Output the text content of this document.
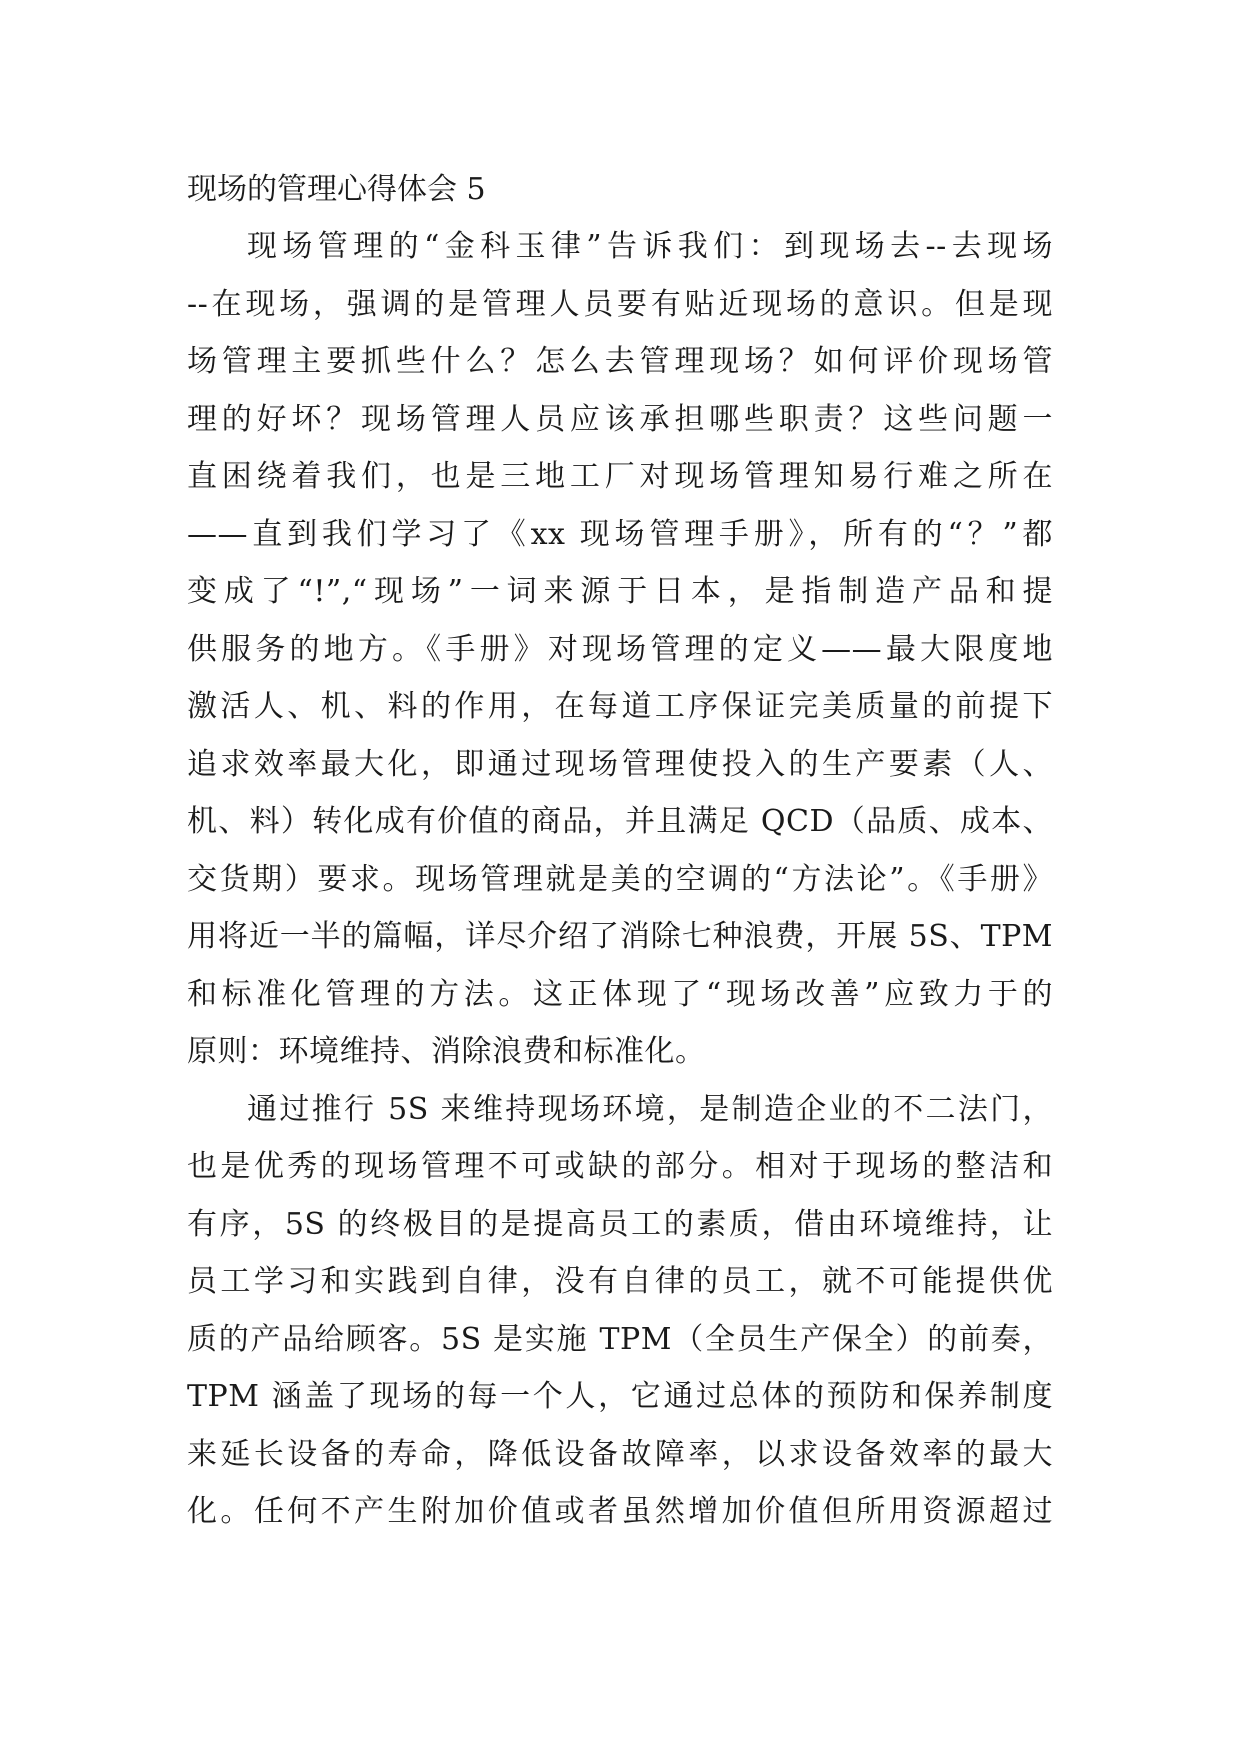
现场的管理心得体会 5

现场管理的“金科玉律”告诉我们：到现场去--去现场
--在现场，强调的是管理人员要有贴近现场的意识。但是现
场管理主要抓些什么？怎么去管理现场？如何评价现场管
理的好坏？现场管理人员应该承担哪些职责？这些问题一
直困绕着我们，也是三地工厂对现场管理知易行难之所在
——直到我们学习了《xx 现场管理手册》，所有的“？”都
变成了“!”,“现场”一词来源于日本，是指制造产品和提
供服务的地方。《手册》对现场管理的定义——最大限度地
激活人、机、料的作用，在每道工序保证完美质量的前提下
追求效率最大化，即通过现场管理使投入的生产要素（人、
机、料）转化成有价值的商品，并且满足 QCD（品质、成本、
交货期）要求。现场管理就是美的空调的“方法论”。《手册》
用将近一半的篇幅，详尽介绍了消除七种浪费，开展 5S、TPM
和标准化管理的方法。这正体现了“现场改善”应致力于的
原则：环境维持、消除浪费和标准化。

通过推行 5S 来维持现场环境，是制造企业的不二法门，
也是优秀的现场管理不可或缺的部分。相对于现场的整洁和
有序，5S 的终极目的是提高员工的素质，借由环境维持，让
员工学习和实践到自律，没有自律的员工，就不可能提供优
质的产品给顾客。5S 是实施 TPM（全员生产保全）的前奏，
TPM 涵盖了现场的每一个人，它通过总体的预防和保养制度
来延长设备的寿命，降低设备故障率，以求设备效率的最大
化。任何不产生附加价值或者虽然增加价值但所用资源超过
